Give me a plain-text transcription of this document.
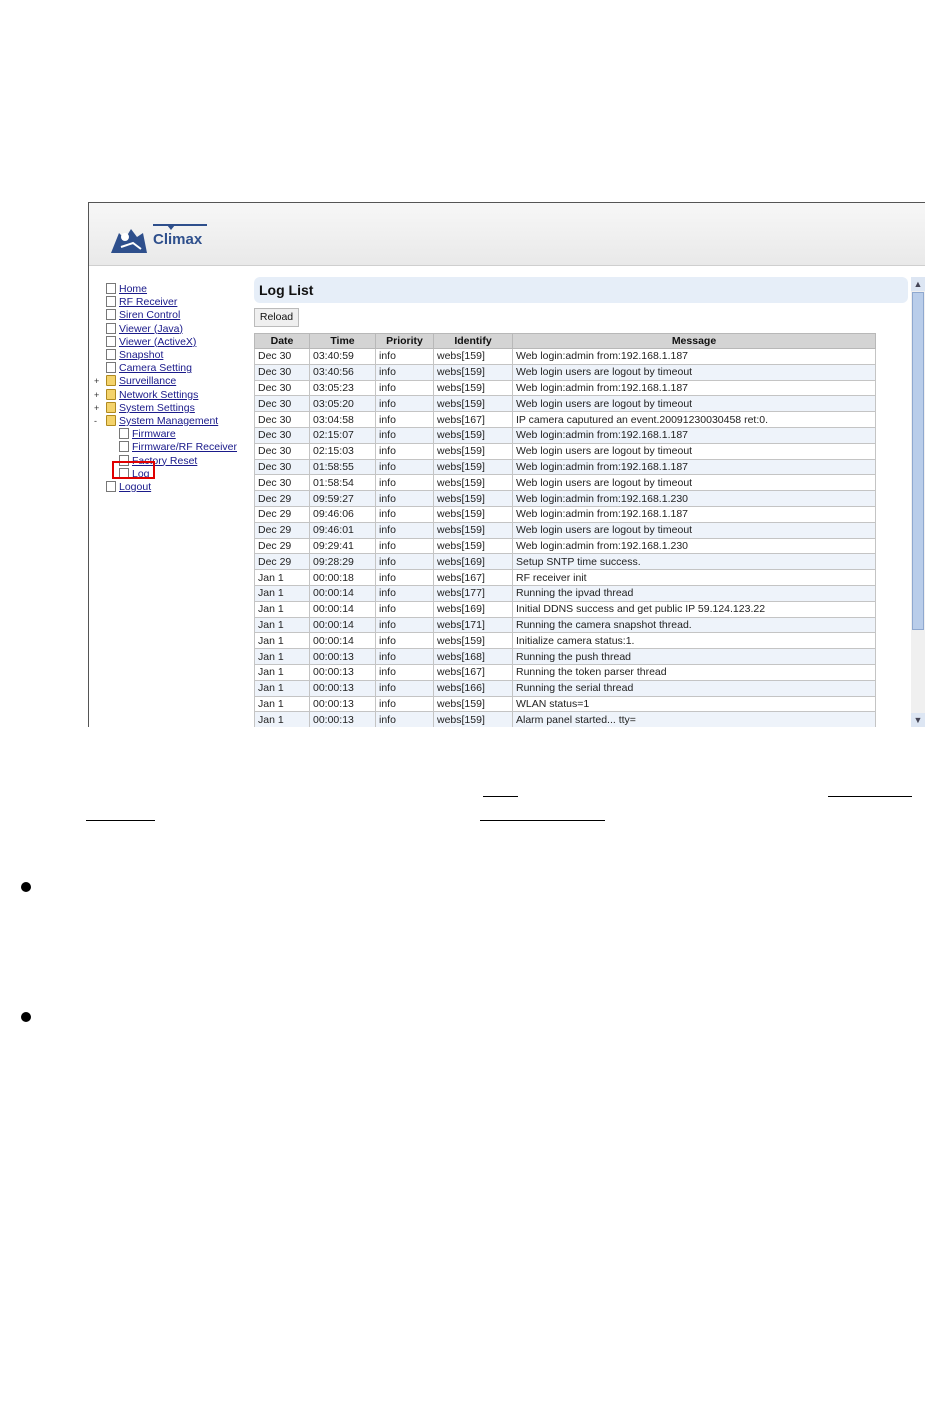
Climax
Home
RF Receiver
Siren Control
Viewer (Java)
Viewer (ActiveX)
Snapshot
Camera Setting
+	Surveillance
+	Network Settings
+	System Settings
-	System Management
Firmware
Firmware/RF Receiver
Factory Reset
Log
Logout
Log List
Reload
Date	Time	Priority	Identify	Message
Dec 30	03:40:59	info	webs[159]	Web login:admin from:192.168.1.187
Dec 30	03:40:56	info	webs[159]	Web login users are logout by timeout
Dec 30	03:05:23	info	webs[159]	Web login:admin from:192.168.1.187
Dec 30	03:05:20	info	webs[159]	Web login users are logout by timeout
Dec 30	03:04:58	info	webs[167]	IP camera caputured an event.20091230030458 ret:0.
Dec 30	02:15:07	info	webs[159]	Web login:admin from:192.168.1.187
Dec 30	02:15:03	info	webs[159]	Web login users are logout by timeout
Dec 30	01:58:55	info	webs[159]	Web login:admin from:192.168.1.187
Dec 30	01:58:54	info	webs[159]	Web login users are logout by timeout
Dec 29	09:59:27	info	webs[159]	Web login:admin from:192.168.1.230
Dec 29	09:46:06	info	webs[159]	Web login:admin from:192.168.1.187
Dec 29	09:46:01	info	webs[159]	Web login users are logout by timeout
Dec 29	09:29:41	info	webs[159]	Web login:admin from:192.168.1.230
Dec 29	09:28:29	info	webs[169]	Setup SNTP time success.
Jan 1	00:00:18	info	webs[167]	RF receiver init
Jan 1	00:00:14	info	webs[177]	Running the ipvad thread
Jan 1	00:00:14	info	webs[169]	Initial DDNS success and get public IP 59.124.123.22
Jan 1	00:00:14	info	webs[171]	Running the camera snapshot thread.
Jan 1	00:00:14	info	webs[159]	Initialize camera status:1.
Jan 1	00:00:13	info	webs[168]	Running the push thread
Jan 1	00:00:13	info	webs[167]	Running the token parser thread
Jan 1	00:00:13	info	webs[166]	Running the serial thread
Jan 1	00:00:13	info	webs[159]	WLAN status=1
Jan 1	00:00:13	info	webs[159]	Alarm panel started... tty=
▲
▼
